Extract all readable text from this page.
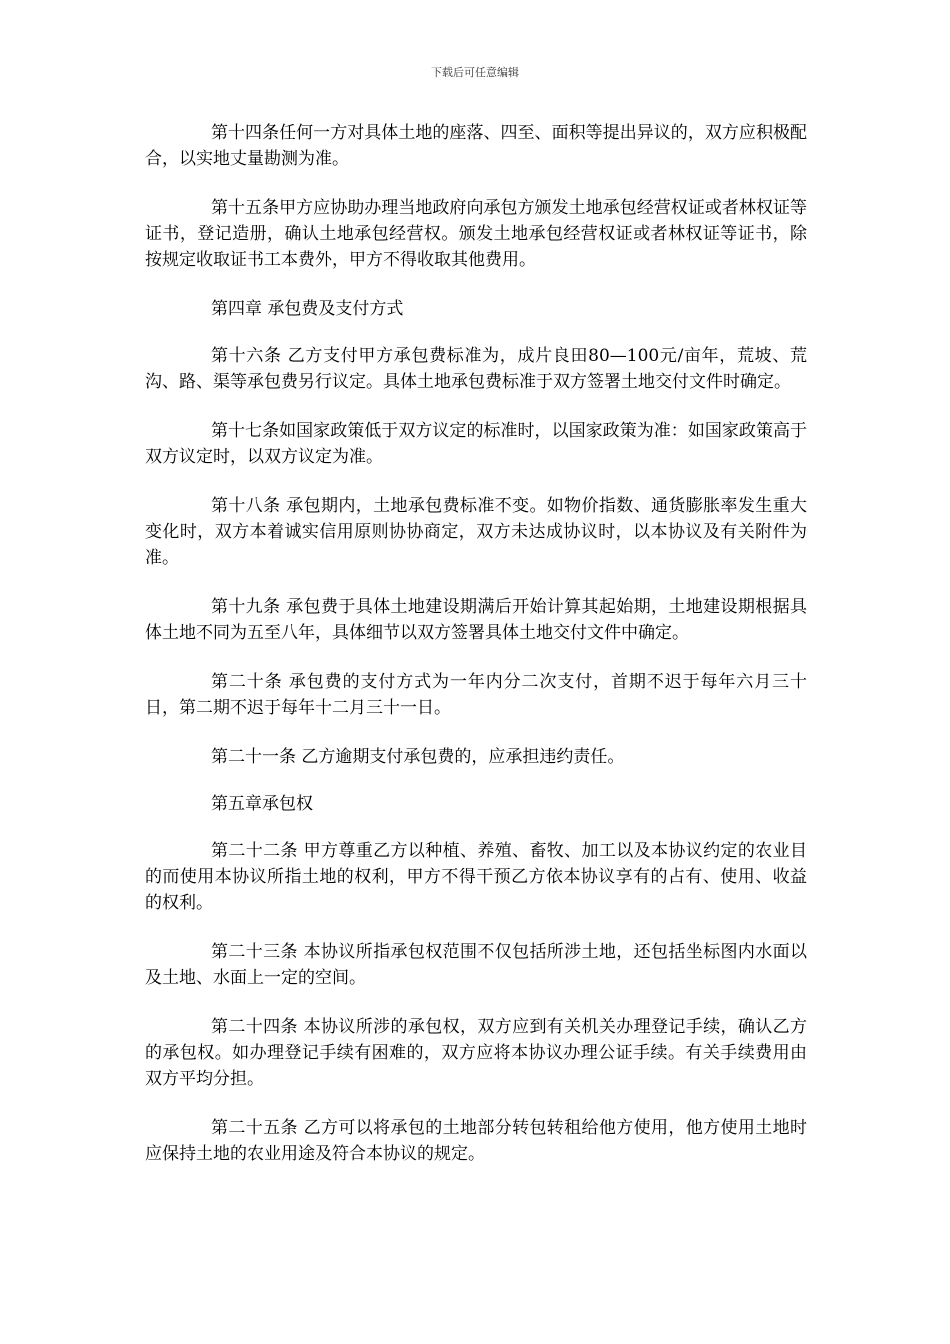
下载后可任意编辑

第十四条任何一方对具体土地的座落、四至、面积等提出异议的，双方应积极配合，以实地丈量勘测为准。

第十五条甲方应协助办理当地政府向承包方颁发土地承包经营权证或者林权证等证书，登记造册，确认土地承包经营权。颁发土地承包经营权证或者林权证等证书，除按规定收取证书工本费外，甲方不得收取其他费用。

第四章 承包费及支付方式

第十六条 乙方支付甲方承包费标准为，成片良田80—100元/亩年，荒坡、荒沟、路、渠等承包费另行议定。具体土地承包费标准于双方签署土地交付文件时确定。

第十七条如国家政策低于双方议定的标准时，以国家政策为准：如国家政策高于双方议定时，以双方议定为准。

第十八条 承包期内，土地承包费标准不变。如物价指数、通货膨胀率发生重大变化时，双方本着诚实信用原则协协商定，双方未达成协议时，以本协议及有关附件为准。

第十九条 承包费于具体土地建设期满后开始计算其起始期，土地建设期根据具体土地不同为五至八年，具体细节以双方签署具体土地交付文件中确定。

第二十条 承包费的支付方式为一年内分二次支付，首期不迟于每年六月三十日，第二期不迟于每年十二月三十一日。

第二十一条 乙方逾期支付承包费的，应承担违约责任。

第五章承包权

第二十二条 甲方尊重乙方以种植、养殖、畜牧、加工以及本协议约定的农业目的而使用本协议所指土地的权利，甲方不得干预乙方依本协议享有的占有、使用、收益的权利。

第二十三条 本协议所指承包权范围不仅包括所涉土地，还包括坐标图内水面以及土地、水面上一定的空间。

第二十四条 本协议所涉的承包权，双方应到有关机关办理登记手续，确认乙方的承包权。如办理登记手续有困难的，双方应将本协议办理公证手续。有关手续费用由双方平均分担。

第二十五条 乙方可以将承包的土地部分转包转租给他方使用，他方使用土地时应保持土地的农业用途及符合本协议的规定。
